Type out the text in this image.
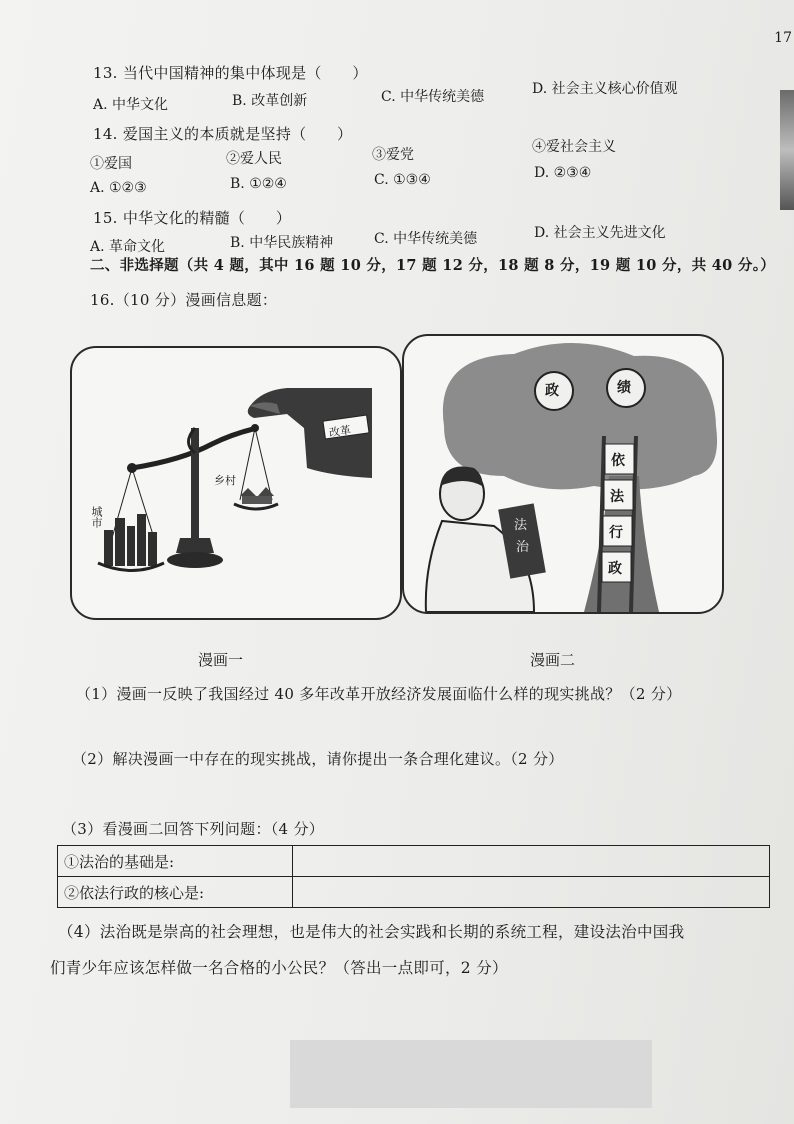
17
13. 当代中国精神的集中体现是（　　）
A. 中华文化	B. 改革创新	C. 中华传统美德	D. 社会主义核心价值观
14. 爱国主义的本质就是坚持（　　）
①爱国	②爱人民	③爱党	④爱社会主义
A. ①②③	B. ①②④	C. ①③④	D. ②③④
15. 中华文化的精髓（　　）
A. 革命文化	B. 中华民族精神	C. 中华传统美德	D. 社会主义先进文化
二、非选择题（共 4 题，其中 16 题 10 分，17 题 12 分，18 题 8 分，19 题 10 分，共 40 分。）
16.（10 分）漫画信息题：
改革
城市
乡村
漫画一
政	绩
依
法
行
政
法
治
漫画二
（1）漫画一反映了我国经过 40 多年改革开放经济发展面临什么样的现实挑战？（2 分）
（2）解决漫画一中存在的现实挑战，请你提出一条合理化建议。（2 分）
（3）看漫画二回答下列问题：（4 分）
①法治的基础是:	
②依法行政的核心是:	
（4）法治既是崇高的社会理想，也是伟大的社会实践和长期的系统工程，建设法治中国我
们青少年应该怎样做一名合格的小公民？（答出一点即可，2 分）
